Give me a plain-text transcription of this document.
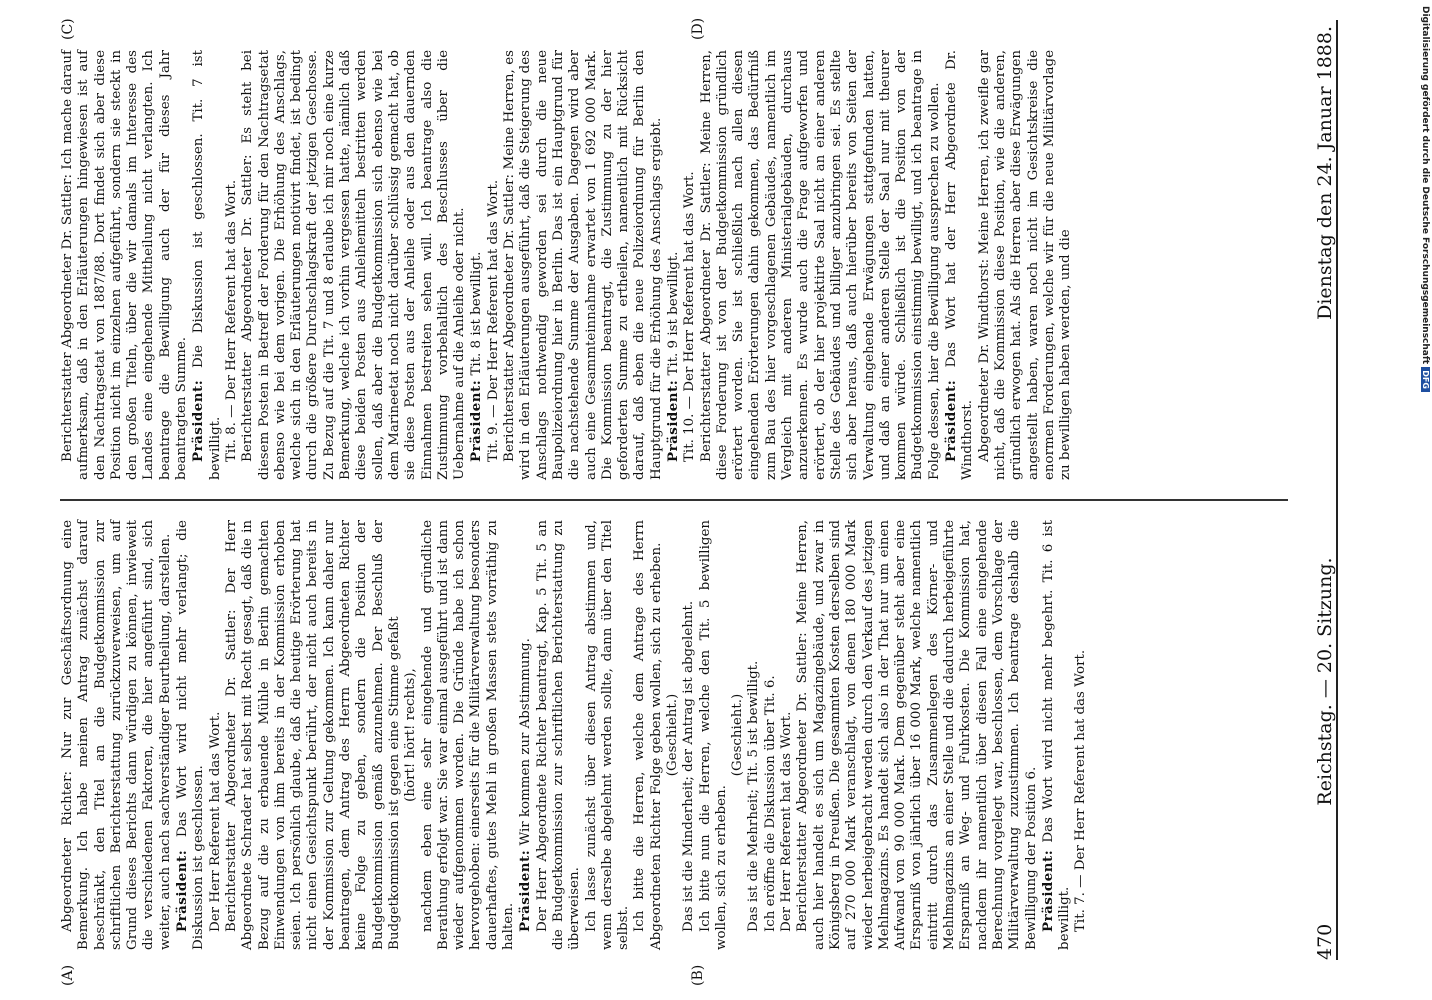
470
Reichstag. — 20. Sitzung.
Dienstag den 24. Januar 1888.

Abgeordneter Richter: Nur zur Geschäftsordnung eine Bemerkung. Ich habe meinen Antrag zunächst darauf beschränkt, den Titel an die Budgetkommission zur schriftlichen Berichterstattung zurückzuverweisen, um auf Grund dieses Berichts dann würdigen zu können, inwieweit die verschiedenen Faktoren, die hier angeführt sind, sich weiter, auch nach sachverständiger Beurtheilung, darstellen. Präsident: Das Wort wird nicht mehr verlangt; die Diskussion ist geschlossen. Der Herr Referent hat das Wort. Berichterstatter Abgeordneter Dr. Sattler: Der Herr Abgeordnete Schrader hat selbst mit Recht gesagt, daß die in Bezug auf die zu erbauende Mühle in Berlin gemachten Einwendungen von ihm bereits in der Kommission erhoben seien. Ich persönlich glaube, daß die heutige Erörterung hat nicht einen Gesichtspunkt berührt, der nicht auch bereits in der Kommission zur Geltung gekommen. Ich kann daher nur beantragen, dem Antrag des Herrn Abgeordneten Richter keine Folge zu geben, sondern die Position der Budgetkommission gemäß anzunehmen. Der Beschluß der Budgetkommission ist gegen eine Stimme gefaßt (hört! hört! rechts), nachdem eben eine sehr eingehende und gründliche Berathung erfolgt war. Sie war einmal ausgeführt und ist dann wieder aufgenommen worden. Die Gründe habe ich schon hervorgehoben: einerseits für die Militärverwaltung besonders dauerhaftes, gutes Mehl in großen Massen stets vorräthig zu halten. Präsident: Wir kommen zur Abstimmung. Der Herr Abgeordnete Richter beantragt, Kap. 5 Tit. 5 an die Budgetkommission zur schriftlichen Berichterstattung zu überweisen. Ich lasse zunächst über diesen Antrag abstimmen und, wenn derselbe abgelehnt werden sollte, dann über den Titel selbst. Ich bitte die Herren, welche dem Antrage des Herrn Abgeordneten Richter Folge geben wollen, sich zu erheben. (Geschieht.) Das ist die Minderheit; der Antrag ist abgelehnt. Ich bitte nun die Herren, welche den Tit. 5 bewilligen wollen, sich zu erheben.

(Geschieht.) Das ist die Mehrheit; Tit. 5 ist bewilligt. Ich eröffne die Diskussion über Tit. 6. Der Herr Referent hat das Wort. Berichterstatter Abgeordneter Dr. Sattler: Meine Herren, auch hier handelt es sich um Magazingebäude, und zwar in Königsberg in Preußen. Die gesammten Kosten derselben sind auf 270 000 Mark veranschlagt, von denen 180 000 Mark wieder herbeigebracht werden durch den Verkauf des jetzigen Mehlmagazins. Es handelt sich also in der That nur um einen Aufwand von 90 000 Mark. Dem gegenüber steht aber eine Ersparniß von jährlich über 16 000 Mark, welche namentlich eintritt durch das Zusammenlegen des Körner- und Mehlmagazins an einer Stelle und die dadurch herbeigeführte Ersparniß an Weg- und Fuhrkosten. Die Kommission hat, nachdem ihr namentlich über diesen Fall eine eingehende Berechnung vorgelegt war, beschlossen, dem Vorschlage der Militärverwaltung zuzustimmen. Ich beantrage deshalb die Bewilligung der Position 6. Präsident: Das Wort wird nicht mehr begehrt. Tit. 6 ist bewilligt. Tit. 7. — Der Herr Referent hat das Wort.

Berichterstatter Abgeordneter Dr. Sattler: Ich mache darauf aufmerksam, daß in den Erläuterungen hingewiesen ist auf den Nachtragsetat von 1887/88. Dort findet sich aber diese Position nicht im einzelnen aufgeführt, sondern sie steckt in den großen Titeln, über die wir damals im Interesse des Landes eine eingehende Mittheilung nicht verlangten. Ich beantrage die Bewilligung auch der für dieses Jahr beantragten Summe. Präsident: Die Diskussion ist geschlossen. Tit. 7 ist bewilligt. Tit. 8. — Der Herr Referent hat das Wort. Berichterstatter Abgeordneter Dr. Sattler: Es steht bei diesem Posten in Betreff der Forderung für den Nachtragsetat ebenso wie bei dem vorigen. Die Erhöhung des Anschlags, welche sich in den Erläuterungen motivirt findet, ist bedingt durch die größere Durchschlagskraft der jetzigen Geschosse. Zu Bezug auf die Tit. 7 und 8 erlaube ich mir noch eine kurze Bemerkung, welche ich vorhin vergessen hatte, nämlich daß diese beiden Posten aus Anleihemitteln bestritten werden sollen, daß aber die Budgetkommission sich ebenso wie bei dem Marineetat noch nicht darüber schlüssig gemacht hat, ob sie diese Posten aus der Anleihe oder aus den dauernden Einnahmen bestreiten sehen will. Ich beantrage also die Zustimmung vorbehaltlich des Beschlusses über die Uebernahme auf die Anleihe oder nicht. Präsident: Tit. 8 ist bewilligt. Tit. 9. — Der Herr Referent hat das Wort. Berichterstatter Abgeordneter Dr. Sattler: Meine Herren, es wird in den Erläuterungen ausgeführt, daß die Steigerung des Anschlags nothwendig geworden sei durch die neue Baupolizeiordnung hier in Berlin. Das ist ein Hauptgrund für die nachstehende Summe der Ausgaben. Dagegen wird aber auch eine Gesammteinnahme erwartet von 1 692 000 Mark. Die Kommission beantragt, die Zustimmung zu der hier geforderten Summe zu ertheilen, namentlich mit Rücksicht darauf, daß eben die neue Polizeiordnung für Berlin den Hauptgrund für die Erhöhung des Anschlags ergiebt. Präsident: Tit. 9 ist bewilligt. Tit. 10. — Der Herr Referent hat das Wort. Berichterstatter Abgeordneter Dr. Sattler: Meine Herren, diese Forderung ist von der Budgetkommission gründlich erörtert worden. Sie ist schließlich nach allen diesen eingehenden Erörterungen dahin gekommen, das Bedürfniß zum Bau des hier vorgeschlagenen Gebäudes, namentlich im Vergleich mit anderen Ministerialgebäuden, durchaus anzuerkennen. Es wurde auch die Frage aufgeworfen und erörtert, ob der hier projektirte Saal nicht an einer anderen Stelle des Gebäudes und billiger anzubringen sei. Es stellte sich aber heraus, daß auch hierüber bereits von Seiten der Verwaltung eingehende Erwägungen stattgefunden hatten, und daß an einer anderen Stelle der Saal nur mit theurer kommen würde. Schließlich ist die Position von der Budgetkommission einstimmig bewilligt, und ich beantrage in Folge dessen, hier die Bewilligung aussprechen zu wollen. Präsident: Das Wort hat der Herr Abgeordnete Dr. Windthorst. Abgeordneter Dr. Windthorst: Meine Herren, ich zweifle gar nicht, daß die Kommission diese Position, wie die anderen, gründlich erwogen hat. Als die Herren aber diese Erwägungen angestellt haben, waren noch nicht im Gesichtskreise die enormen Forderungen, welche wir für die neue Militärvorlage zu bewilligen haben werden, und die

(A)	(B)
(C)	(D)	Digitalisierung gefördert durch die Deutsche Forschungsgemeinschaft DFG
